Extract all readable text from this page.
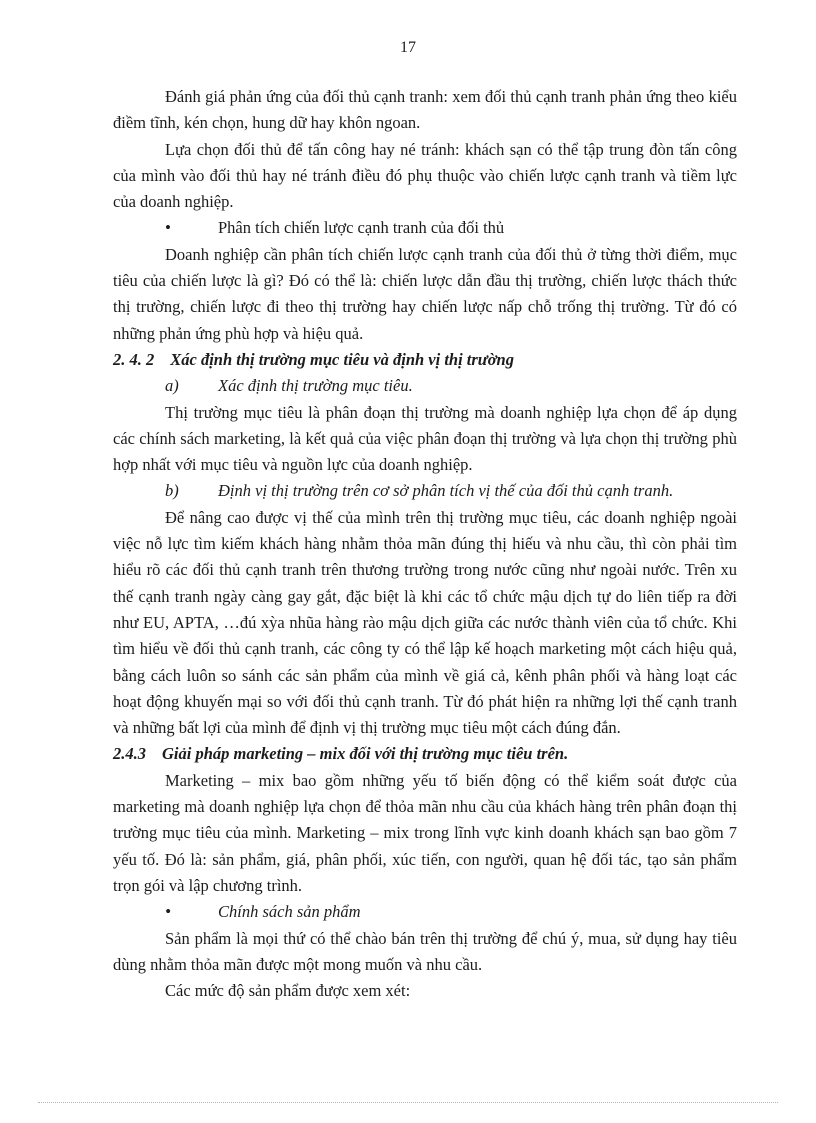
17

Đánh giá phản ứng của đối thủ cạnh tranh: xem đối thủ cạnh tranh phản ứng theo kiểu điềm tĩnh, kén chọn, hung dữ hay khôn ngoan.

Lựa chọn đối thủ để tấn công hay né tránh: khách sạn có thể tập trung đòn tấn công của mình vào đối thủ hay né tránh điều đó phụ thuộc vào chiến lược cạnh tranh và tiềm lực của doanh nghiệp.

•	Phân tích chiến lược cạnh tranh của đối thủ

Doanh nghiệp cần phân tích chiến lược cạnh tranh của đối thủ ở từng thời điểm, mục tiêu của chiến lược là gì? Đó có thể là: chiến lược dẫn đầu thị trường, chiến lược thách thức thị trường, chiến lược đi theo thị trường hay chiến lược nấp chỗ trống thị trường. Từ đó có những phản ứng phù hợp và hiệu quả.

2. 4. 2 Xác định thị trường mục tiêu và định vị thị trường

a) Xác định thị trường mục tiêu.

Thị trường mục tiêu là phân đoạn thị trường mà doanh nghiệp lựa chọn để áp dụng các chính sách marketing, là kết quả của việc phân đoạn thị trường và lựa chọn thị trường phù hợp nhất với mục tiêu và nguồn lực của doanh nghiệp.

b) Định vị thị trường trên cơ sở phân tích vị thế của đối thủ cạnh tranh.

Để nâng cao được vị thế của mình trên thị trường mục tiêu, các doanh nghiệp ngoài việc nỗ lực tìm kiếm khách hàng nhằm thỏa mãn đúng thị hiếu và nhu cầu, thì còn phải tìm hiểu rõ các đối thủ cạnh tranh trên thương trường trong nước cũng như ngoài nước. Trên xu thế cạnh tranh ngày càng gay gắt, đặc biệt là khi các tổ chức mậu dịch tự do liên tiếp ra đời như EU, APTA, …đú xỳa nhũa hàng rào mậu dịch giữa các nước thành viên của tổ chức. Khi tìm hiểu về đối thủ cạnh tranh, các công ty có thể lập kế hoạch marketing một cách hiệu quả, bằng cách luôn so sánh các sản phẩm của mình về giá cả, kênh phân phối và hàng loạt các hoạt động khuyến mại so với đối thủ cạnh tranh. Từ đó phát hiện ra những lợi thế cạnh tranh và những bất lợi của mình để định vị thị trường mục tiêu một cách đúng đắn.

2.4.3 Giải pháp marketing – mix đối với thị trường mục tiêu trên.

Marketing – mix bao gồm những yếu tố biến động có thể kiểm soát được của marketing mà doanh nghiệp lựa chọn để thỏa mãn nhu cầu của khách hàng trên phân đoạn thị trường mục tiêu của mình. Marketing – mix trong lĩnh vực kinh doanh khách sạn bao gồm 7 yếu tố. Đó là: sản phẩm, giá, phân phối, xúc tiến, con người, quan hệ đối tác, tạo sản phẩm trọn gói và lập chương trình.

•	Chính sách sản phẩm

Sản phẩm là mọi thứ có thể chào bán trên thị trường để chú ý, mua, sử dụng hay tiêu dùng nhằm thỏa mãn được một mong muốn và nhu cầu.

Các mức độ sản phẩm được xem xét:
